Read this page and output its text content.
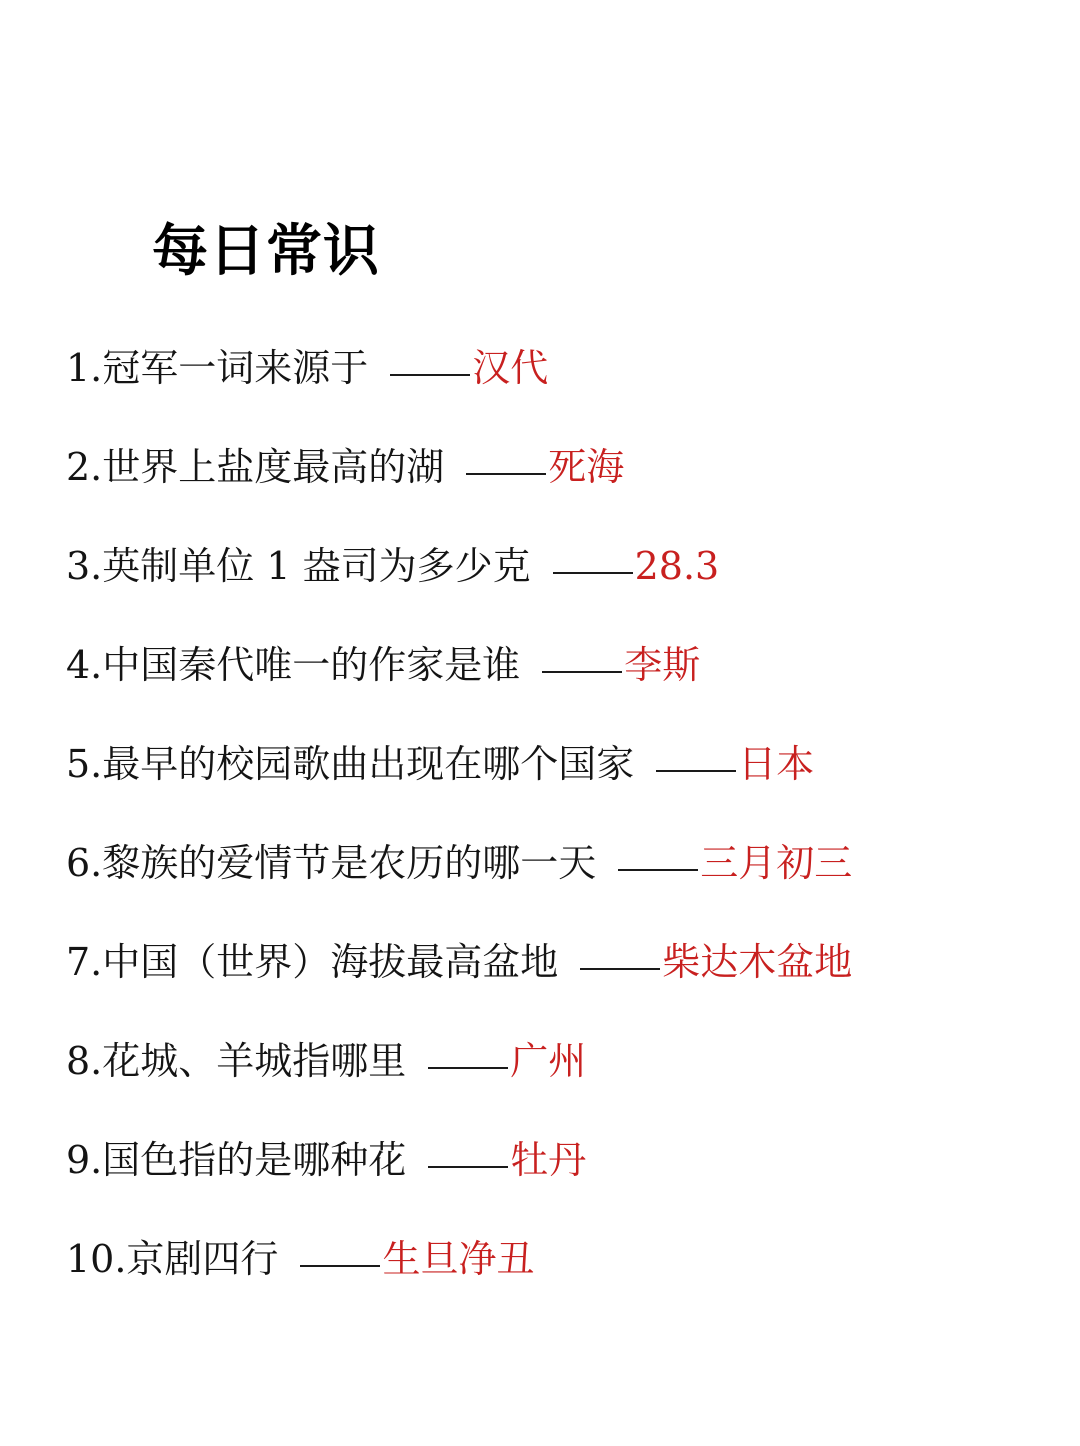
每日常识
1.冠军一词来源于	汉代
2.世界上盐度最高的湖	死海
3.英制单位 1 盎司为多少克	28.3
4.中国秦代唯一的作家是谁	李斯
5.最早的校园歌曲出现在哪个国家	日本
6.黎族的爱情节是农历的哪一天	三月初三
7.中国（世界）海拔最高盆地	柴达木盆地
8.花城、羊城指哪里	广州
9.国色指的是哪种花	牡丹
10.京剧四行	生旦净丑
